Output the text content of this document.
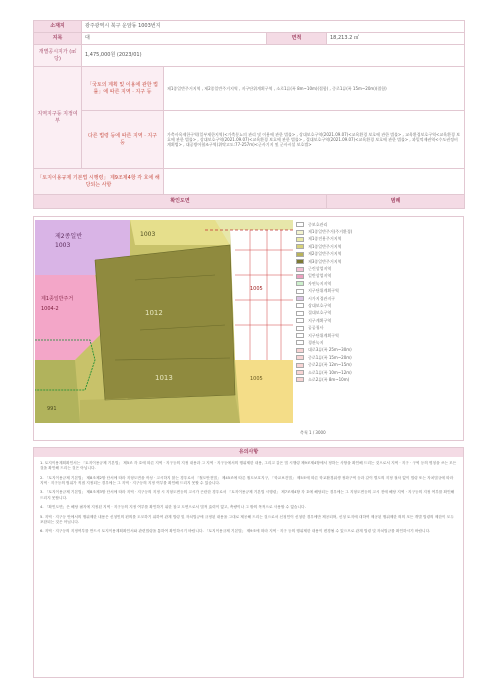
소재지	광주광역시 북구 운암동 1003번지			
지목	대		면적	18,213.2 ㎡
개별공시지가 (㎡당)	1,475,000원 (2023/01)			
지역지구등 지정여부	「국토의 계획 및 이용에 관한 법률」에 따른 지역 · 지구 등	제1종일반주거지역 , 제2종일반주거지역 , 지구단위계획구역 , 소로1류(폭 8m~10m)(접함) , 중로1류(폭 15m~20m)(접함)		
	다른 법령 등에 따른 지역 · 지구 등	가축사육제한구역(일부제한지역)<가축분뇨의 관리 및 이용에 관한 법률> , 상대보호구역(2021.09.07)<교육환경 보호에 관한 법률> , 교육환경보호구역<교육환경 보호에 관한 법률> , 상대보호구역(2021.09.07)<교육환경 보호에 관한 법률> , 절대보호구역(2021.09.07)<교육환경 보호에 관한 법률> , 과밀억제권역<수도권정비계획법> , 대공방어협조구역(위탁고도:77-257m)<군사기지 및 군사시설 보호법>		
「토지이용규제 기본법 시행령」 제9조제4항 각 호에 해당되는 사항				
확인도면				범례
제2종일반
1003
1003
제1종일반주거
1004-2	1012
1013
1005
1005
991
중보호관리
제1종일반주거(주거환경)
제1종전용주거지역
제1종일반주거지역
제2종일반주거지역
제3종일반주거지역
근린상업지역
일반상업지역
자연녹지지역
지구단위계획구역
시가지경관지구
상대보호구역
절대보호구역
지구계획구역
공공청사
지구단위계획구역
경관녹지
대로3류(폭 25m~30m)
중로1류(폭 15m~20m)
중로2류(폭 12m~15m)
소로1류(폭 10m~12m)
소로2류(폭 8m~10m)
축척 1 / 3000
유의사항

1. 토지이용계획확인서는 「토지이용규제 기본법」 제5조 각 호에 따른 지역 · 지구등의 지정 내용과 그 지역 · 지구등에서의 행위제한 내용, 그리고 같은 법 시행령 제9조제4항에서 정하는 사항을 확인해 드리는 것으로서 지역 · 지구 · 구역 등의 명칭을 쓰는 모든 것을 확인해 드리는 것은 아닙니다.

2. 「토지이용규제 기본법」 제8조제2항 단서에 따라 지형도면을 작성 · 고시하지 않는 경우로서 「철도안전법」 제45조에 따른 철도보호지구, 「학교보건법」 제5조에 따른 학교환경위생 정화구역 등과 같이 별도의 지정 절차 없이 법령 또는 자치법규에 따라 지역 · 지구등의 범위가 직접 지정되는 경우에는 그 지역 · 지구등의 지정 여부를 확인해 드리지 못할 수 있습니다.

3. 「토지이용규제 기본법」 제8조제3항 단서에 따라 지역 · 지구등의 지정 시 지형도면등의 고시가 곤란한 경우로서 「토지이용규제 기본법 시행령」 제7조제4항 각 호에 해당되는 경우에는 그 지형도면등의 고시 전에 해당 지역 · 지구등의 지정 여부를 확인해 드리지 못합니다.

4. 「확인도면」은 해당 필지에 지정된 지역 · 지구등의 지정 여부를 확인하기 위한 참고 도면으로서 법적 효력이 없고, 측량이나 그 밖의 목적으로 사용할 수 없습니다.

5. 지역 · 지구등 안에서의 행위제한 내용은 신청인의 편의를 도모하기 위하여 관계 법령 및 자치법규에 규정된 내용을 그대로 제공해 드리는 것으로서 신청인이 신청한 경우에만 제공되며, 신청 토지에 대하여 제공된 행위제한 외의 모든 개별 법령의 제한이 모두 포함되는 것은 아닙니다.

6. 지역 · 지구등의 지정여부를 반드시 토지이용계획확인서와 관련법령을 통하여 확인하시기 바랍니다. 「토지이용규제 기본법」 제9조에 따라 지역 · 지구 등의 행위제한 내용이 변경될 수 있으므로 관계 법령 및 자치법규를 확인하시기 바랍니다.
